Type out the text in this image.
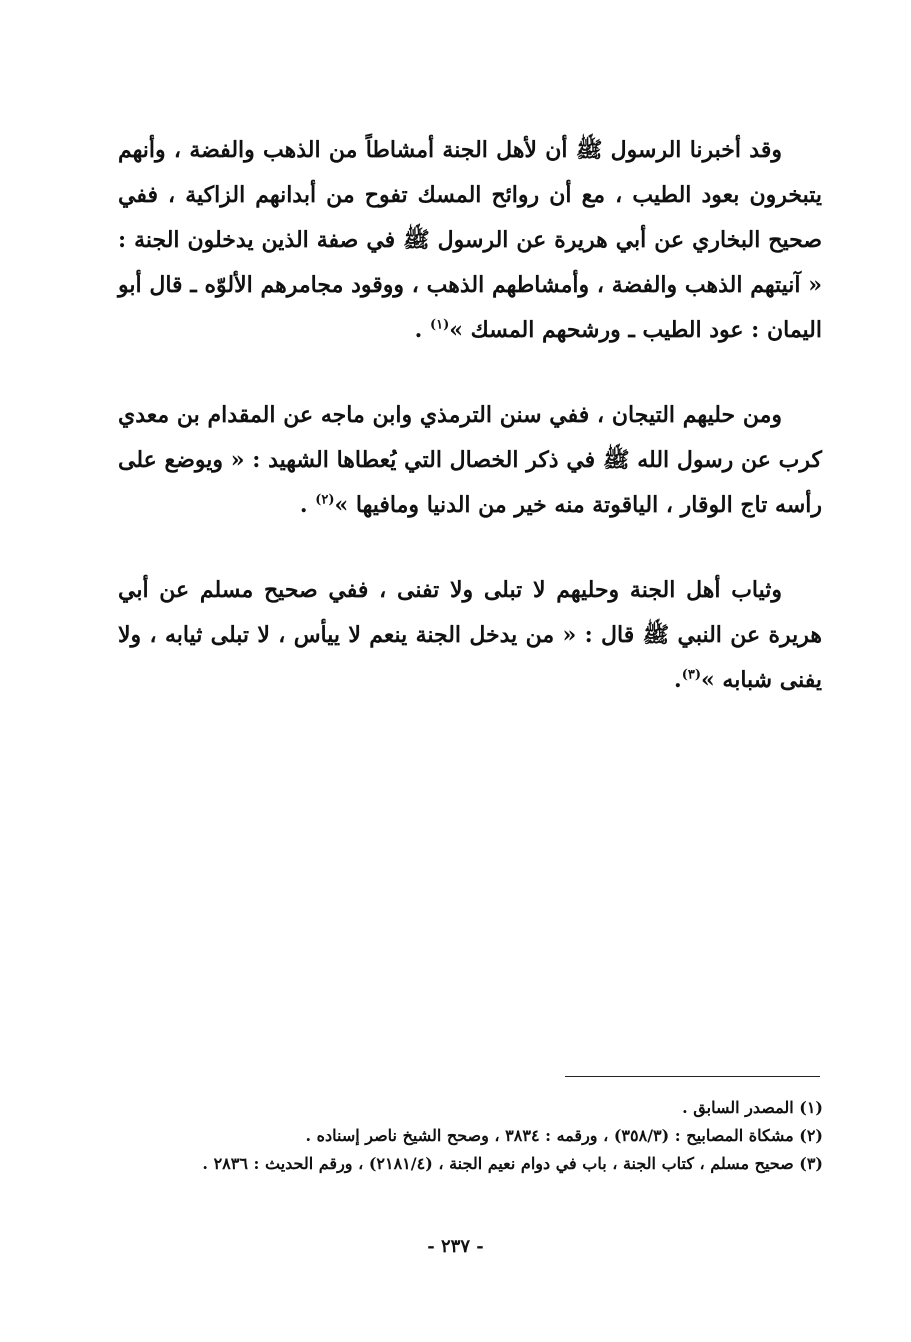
وقد أخبرنا الرسول ﷺ أن لأهل الجنة أمشاطاً من الذهب والفضة ، وأنهم يتبخرون بعود الطيب ، مع أن روائح المسك تفوح من أبدانهم الزاكية ، ففي صحيح البخاري عن أبي هريرة عن الرسول ﷺ في صفة الذين يدخلون الجنة : « آنيتهم الذهب والفضة ، وأمشاطهم الذهب ، ووقود مجامرهم الألوّه ـ قال أبو اليمان : عود الطيب ـ ورشحهم المسك »$^{(١)}$ .

ومن حليهم التيجان ، ففي سنن الترمذي وابن ماجه عن المقدام بن معدي كرب عن رسول الله ﷺ في ذكر الخصال التي يُعطاها الشهيد : « ويوضع على رأسه تاج الوقار ، الياقوتة منه خير من الدنيا ومافيها »$^{(٢)}$ .

وثياب أهل الجنة وحليهم لا تبلى ولا تفنى ، ففي صحيح مسلم عن أبي هريرة عن النبي ﷺ قال : « من يدخل الجنة ينعم لا ييأس ، لا تبلى ثيابه ، ولا يفنى شبابه »$^{(٣)}$.

(١) المصدر السابق .
(٢) مشكاة المصابيح : (٣٥٨/٣) ، ورقمه : ٣٨٣٤ ، وصحح الشيخ ناصر إسناده .
(٣) صحيح مسلم ، كتاب الجنة ، باب في دوام نعيم الجنة ، (٢١٨١/٤) ، ورقم الحديث : ٢٨٣٦ .
- ٢٣٧ -
